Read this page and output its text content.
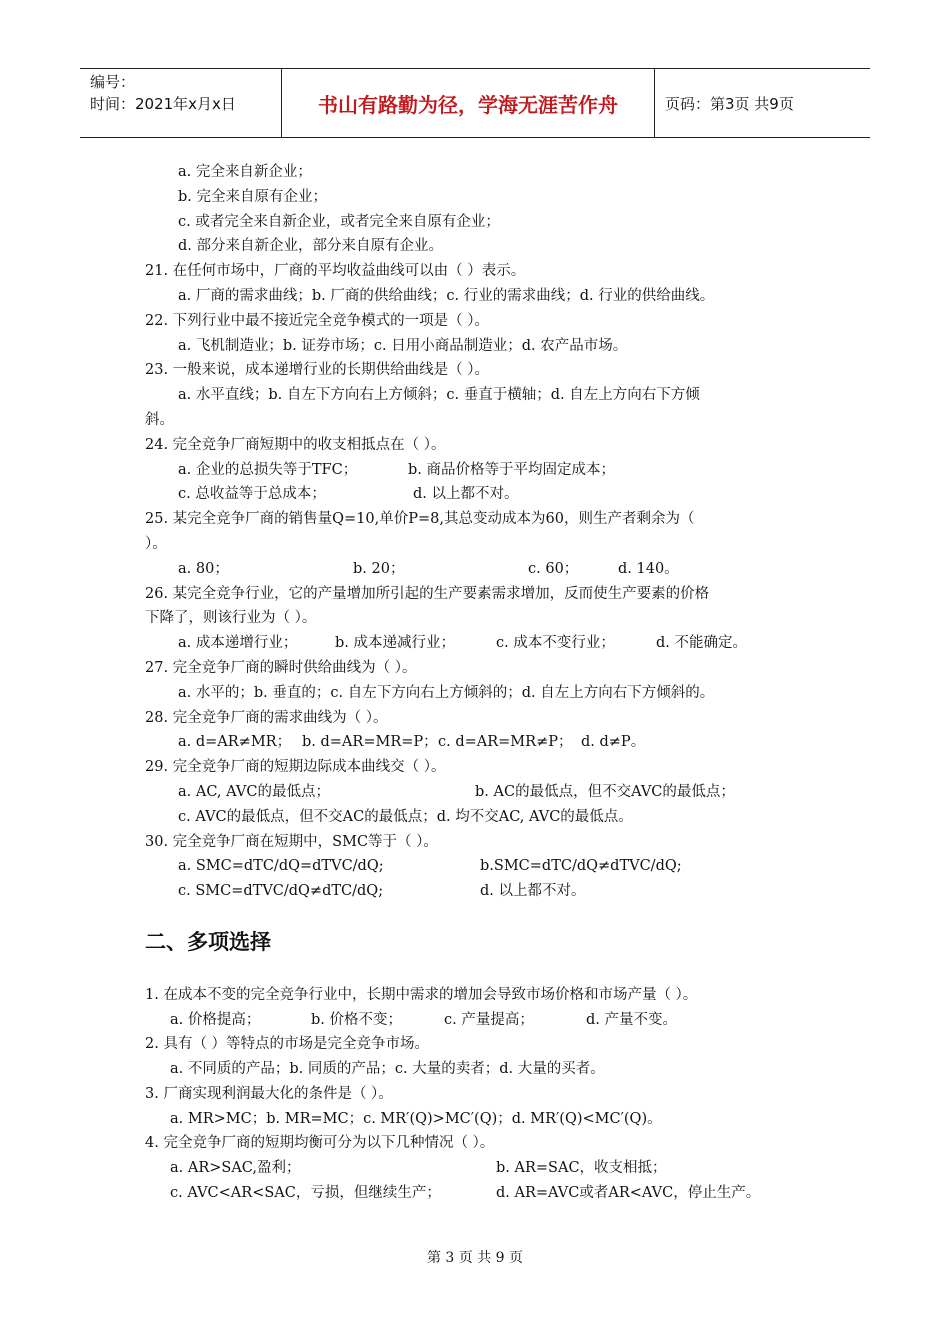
编号：
时间：2021年x月x日	书山有路勤为径，学海无涯苦作舟	页码：第3页 共9页
a. 完全来自新企业；
b. 完全来自原有企业；
c. 或者完全来自新企业，或者完全来自原有企业；
d. 部分来自新企业，部分来自原有企业。
21. 在任何市场中，厂商的平均收益曲线可以由（ ）表示。
a. 厂商的需求曲线；b. 厂商的供给曲线；c. 行业的需求曲线；d. 行业的供给曲线。
22. 下列行业中最不接近完全竞争模式的一项是（ ）。
a. 飞机制造业；b. 证券市场；c. 日用小商品制造业；d. 农产品市场。
23. 一般来说，成本递增行业的长期供给曲线是（ ）。
a. 水平直线；b. 自左下方向右上方倾斜；c. 垂直于横轴；d. 自左上方向右下方倾
斜。
24. 完全竞争厂商短期中的收支相抵点在（ ）。
a. 企业的总损失等于TFC；	b. 商品价格等于平均固定成本；
c. 总收益等于总成本；	d. 以上都不对。
25. 某完全竞争厂商的销售量Q=10,单价P=8,其总变动成本为60，则生产者剩余为（
）。
a. 80；	b. 20；	c. 60；	d. 140。
26. 某完全竞争行业，它的产量增加所引起的生产要素需求增加，反而使生产要素的价格
下降了，则该行业为（ ）。
a. 成本递增行业；	b. 成本递减行业；	c. 成本不变行业；	d. 不能确定。
27. 完全竞争厂商的瞬时供给曲线为（ ）。
a. 水平的；b. 垂直的；c. 自左下方向右上方倾斜的；d. 自左上方向右下方倾斜的。
28. 完全竞争厂商的需求曲线为（ ）。
a. d=AR≠MR； b. d=AR=MR=P； c. d=AR=MR≠P； d. d≠P。
29. 完全竞争厂商的短期边际成本曲线交（ ）。
a. AC, AVC的最低点；	b. AC的最低点，但不交AVC的最低点；
c. AVC的最低点，但不交AC的最低点；d. 均不交AC, AVC的最低点。
30. 完全竞争厂商在短期中，SMC等于（ ）。
a. SMC=dTC/dQ=dTVC/dQ;	b.SMC=dTC/dQ≠dTVC/dQ;
c. SMC=dTVC/dQ≠dTC/dQ;	d. 以上都不对。
二、多项选择
1. 在成本不变的完全竞争行业中，长期中需求的增加会导致市场价格和市场产量（ ）。
a. 价格提高；	b. 价格不变；	c. 产量提高；	d. 产量不变。
2. 具有（ ）等特点的市场是完全竞争市场。
a. 不同质的产品；b. 同质的产品；c. 大量的卖者；d. 大量的买者。
3. 厂商实现利润最大化的条件是（ ）。
a. MR>MC；b. MR=MC；c. MR′(Q)>MC′(Q)；d. MR′(Q)<MC′(Q)。
4. 完全竞争厂商的短期均衡可分为以下几种情况（ ）。
a. AR>SAC,盈利；	b. AR=SAC，收支相抵；
c. AVC<AR<SAC，亏损，但继续生产；	d. AR=AVC或者AR<AVC，停止生产。
第 3 页 共 9 页
